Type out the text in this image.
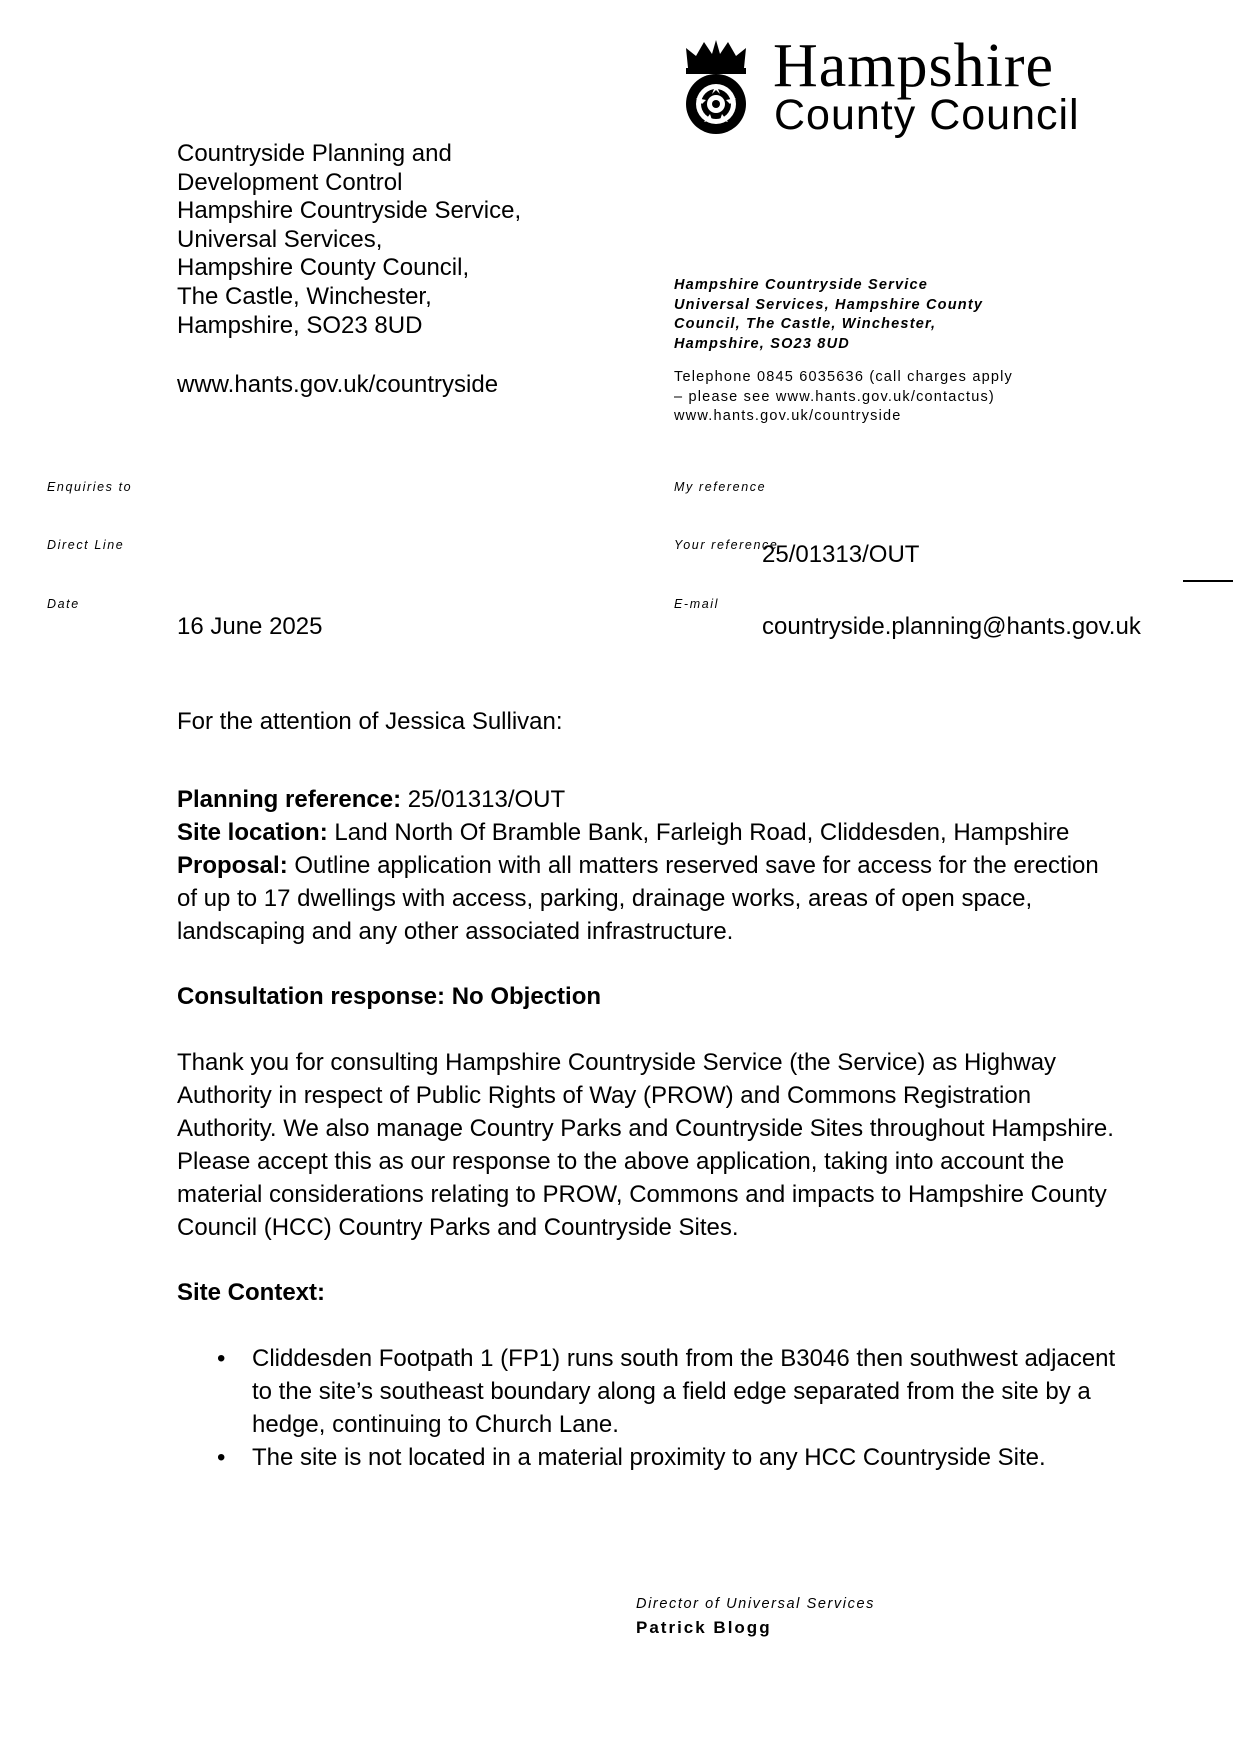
Hampshire
County Council
Countryside Planning and
Development Control
Hampshire Countryside Service,
Universal Services,
Hampshire County Council,
The Castle, Winchester,
Hampshire, SO23 8UD
www.hants.gov.uk/countryside
Hampshire Countryside Service
Universal Services, Hampshire County
Council, The Castle, Winchester,
Hampshire, SO23 8UD
Telephone 0845 6035636 (call charges apply
– please see www.hants.gov.uk/contactus)
www.hants.gov.uk/countryside
Enquiries to
Direct Line
Date
16 June 2025
My reference
Your reference
25/01313/OUT
E-mail
countryside.planning@hants.gov.uk
For the attention of Jessica Sullivan:
Planning reference: 25/01313/OUT
Site location: Land North Of Bramble Bank, Farleigh Road, Cliddesden, Hampshire
Proposal: Outline application with all matters reserved save for access for the erection of up to 17 dwellings with access, parking, drainage works, areas of open space, landscaping and any other associated infrastructure.
Consultation response: No Objection
Thank you for consulting Hampshire Countryside Service (the Service) as Highway Authority in respect of Public Rights of Way (PROW) and Commons Registration Authority. We also manage Country Parks and Countryside Sites throughout Hampshire. Please accept this as our response to the above application, taking into account the material considerations relating to PROW, Commons and impacts to Hampshire County Council (HCC) Country Parks and Countryside Sites.
Site Context:
• Cliddesden Footpath 1 (FP1) runs south from the B3046 then southwest adjacent to the site’s southeast boundary along a field edge separated from the site by a hedge, continuing to Church Lane.
• The site is not located in a material proximity to any HCC Countryside Site.
Director of Universal Services
Patrick Blogg
